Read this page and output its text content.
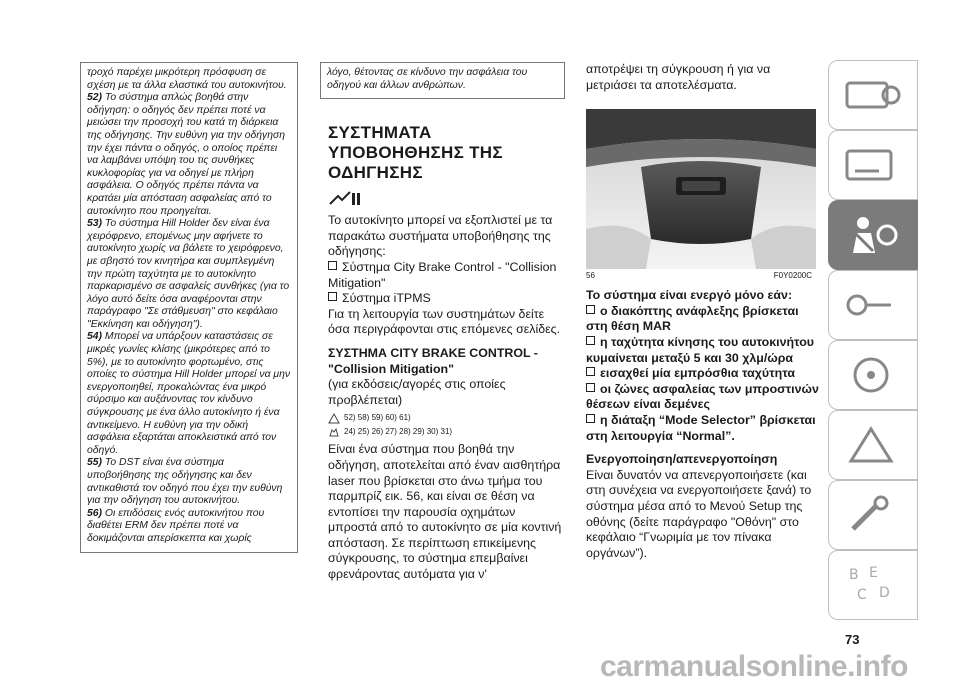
τροχό παρέχει μικρότερη πρόσφυση σε σχέση με τα άλλα ελαστικά του αυτοκινήτου.

52) Το σύστημα απλώς βοηθά στην οδήγηση: ο οδηγός δεν πρέπει ποτέ να μειώσει την προσοχή του κατά τη διάρκεια της οδήγησης. Την ευθύνη για την οδήγηση την έχει πάντα ο οδηγός, ο οποίος πρέπει να λαμβάνει υπόψη του τις συνθήκες κυκλοφορίας για να οδηγεί με πλήρη ασφάλεια. Ο οδηγός πρέπει πάντα να κρατάει μία απόσταση ασφαλείας από το αυτοκίνητο που προηγείται.

53) Το σύστημα Hill Holder δεν είναι ένα χειρόφρενο, επομένως μην αφήνετε το αυτοκίνητο χωρίς να βάλετε το χειρόφρενο, με σβηστό τον κινητήρα και συμπλεγμένη την πρώτη ταχύτητα με το αυτοκίνητο παρκαρισμένο σε ασφαλείς συνθήκες (για το λόγο αυτό δείτε όσα αναφέρονται στην παράγραφο "Σε στάθμευση" στο κεφάλαιο "Εκκίνηση και οδήγηση").

54) Μπορεί να υπάρξουν καταστάσεις σε μικρές γωνίες κλίσης (μικρότερες από το 5%), με το αυτοκίνητο φορτωμένο, στις οποίες το σύστημα Hill Holder μπορεί να μην ενεργοποιηθεί, προκαλώντας ένα μικρό σύρσιμο και αυξάνοντας τον κίνδυνο σύγκρουσης με ένα άλλο αυτοκίνητο ή ένα αντικείμενο. Η ευθύνη για την οδική ασφάλεια εξαρτάται αποκλειστικά από τον οδηγό.

55) Το DST είναι ένα σύστημα υποβοήθησης της οδήγησης και δεν αντικαθιστά τον οδηγό που έχει την ευθύνη για την οδήγηση του αυτοκινήτου.

56) Οι επιδόσεις ενός αυτοκινήτου που διαθέτει ERM δεν πρέπει ποτέ να δοκιμάζονται απερίσκεπτα και χωρίς

λόγο, θέτοντας σε κίνδυνο την ασφάλεια του οδηγού και άλλων ανθρώπων.
ΣΥΣΤΗΜΑΤΑ ΥΠΟΒΟΗΘΗΣΗΣ ΤΗΣ ΟΔΗΓΗΣΗΣ

Το αυτοκίνητο μπορεί να εξοπλιστεί με τα παρακάτω συστήματα υποβοήθησης της οδήγησης:

Σύστημα City Brake Control - "Collision Mitigation"
Σύστημα iTPMS

Για τη λειτουργία των συστημάτων δείτε όσα περιγράφονται στις επόμενες σελίδες.

ΣΥΣΤΗΜΑ CITY BRAKE CONTROL - "Collision Mitigation"

(για εκδόσεις/αγορές στις οποίες προβλέπεται)

52) 58) 59) 60) 61)
24) 25) 26) 27) 28) 29) 30) 31)

Είναι ένα σύστημα που βοηθά την οδήγηση, αποτελείται από έναν αισθητήρα laser που βρίσκεται στο άνω τμήμα του παρμπρίζ εικ. 56, και είναι σε θέση να εντοπίσει την παρουσία οχημάτων μπροστά από το αυτοκίνητο σε μία κοντινή απόσταση. Σε περίπτωση επικείμενης σύγκρουσης, το σύστημα επεμβαίνει φρενάροντας αυτόματα για ν'

αποτρέψει τη σύγκρουση ή για να μετριάσει τα αποτελέσματα.

56	F0Y0200C
Το σύστημα είναι ενεργό μόνο εάν:
ο διακόπτης ανάφλεξης βρίσκεται στη θέση MAR
η ταχύτητα κίνησης του αυτοκινήτου κυμαίνεται μεταξύ 5 και 30 χλμ/ώρα
εισαχθεί μία εμπρόσθια ταχύτητα
οι ζώνες ασφαλείας των μπροστινών θέσεων είναι δεμένες
η διάταξη “Mode Selector” βρίσκεται στη λειτουργία “Normal”.
Ενεργοποίηση/απενεργοποίηση

Είναι δυνατόν να απενεργοποιήσετε (και στη συνέχεια να ενεργοποιήσετε ξανά) το σύστημα μέσα από το Μενού Setup της οθόνης (δείτε παράγραφο "Οθόνη" στο κεφάλαιο “Γνωριμία με τον πίνακα οργάνων”).

B E
C D
73
carmanualsonline.info
